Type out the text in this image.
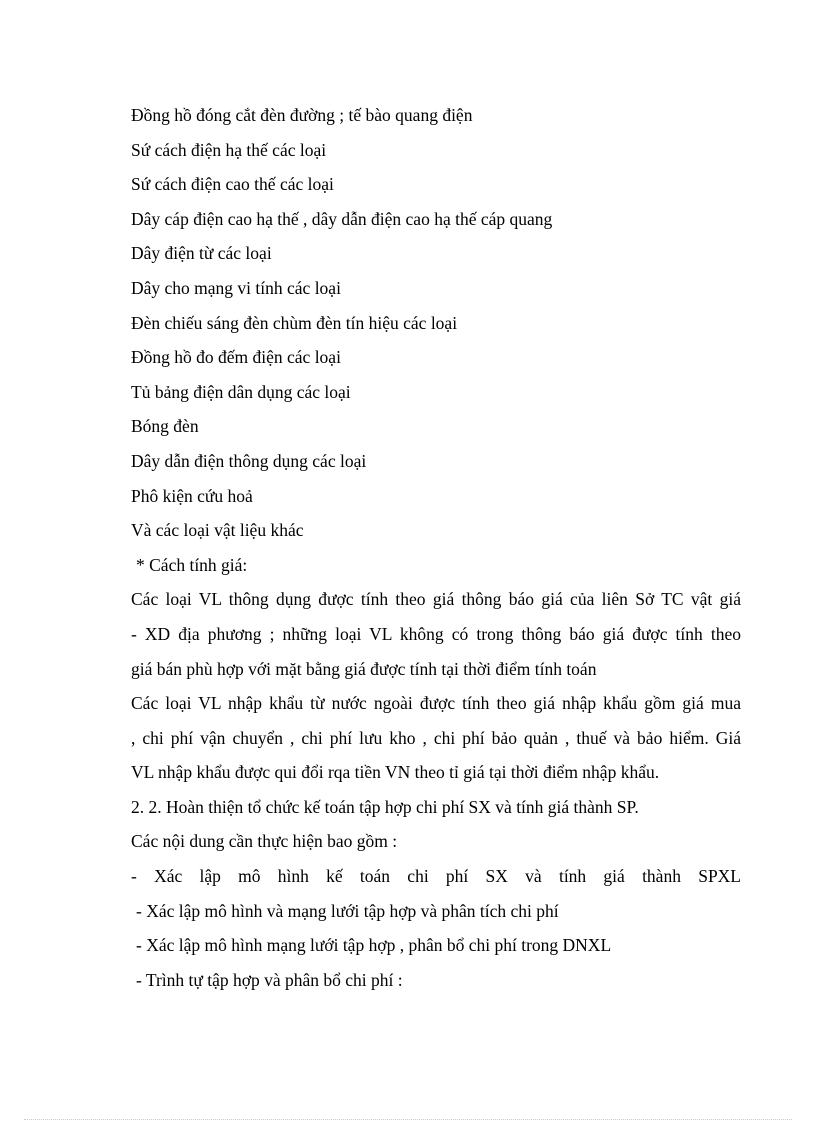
Đồng hồ đóng cắt đèn đường ; tế bào quang điện
Sứ cách điện hạ thế các loại
Sứ cách điện cao thế các loại
Dây cáp điện cao hạ thế , dây dẫn điện cao hạ thế cáp quang
Dây điện từ các loại
Dây cho mạng vi tính các loại
Đèn chiếu sáng đèn chùm đèn tín hiệu các loại
Đồng hồ đo đếm điện các loại
Tủ bảng điện dân dụng các loại
Bóng đèn
Dây dẫn điện thông dụng các loại
Phô kiện cứu hoả
Và các loại vật liệu khác
* Cách tính giá:
Các loại VL thông dụng được tính theo giá thông báo giá của liên Sở TC vật giá
- XD địa phương ; những loại VL không có trong thông báo giá được tính theo
giá bán phù hợp với mặt bằng giá được tính tại thời điểm tính toán
Các loại VL nhập khẩu từ nước ngoài được tính theo giá nhập khẩu gồm giá mua
, chi phí vận chuyển , chi phí lưu kho , chi phí bảo quản , thuế và bảo hiểm. Giá
VL nhập khẩu được qui đổi rqa tiền VN theo tỉ giá tại thời điểm nhập khẩu.
2. 2. Hoàn thiện tổ chức kế toán tập hợp chi phí SX và tính giá thành SP.
Các nội dung cần thực hiện bao gồm :
- Xác lập mô hình kế toán chi phí SX và tính giá thành SPXL
- Xác lập mô hình và mạng lưới tập hợp và phân tích chi phí
- Xác lập mô hình mạng lưới tập hợp , phân bổ chi phí trong DNXL
- Trình tự tập hợp và phân bổ chi phí :
